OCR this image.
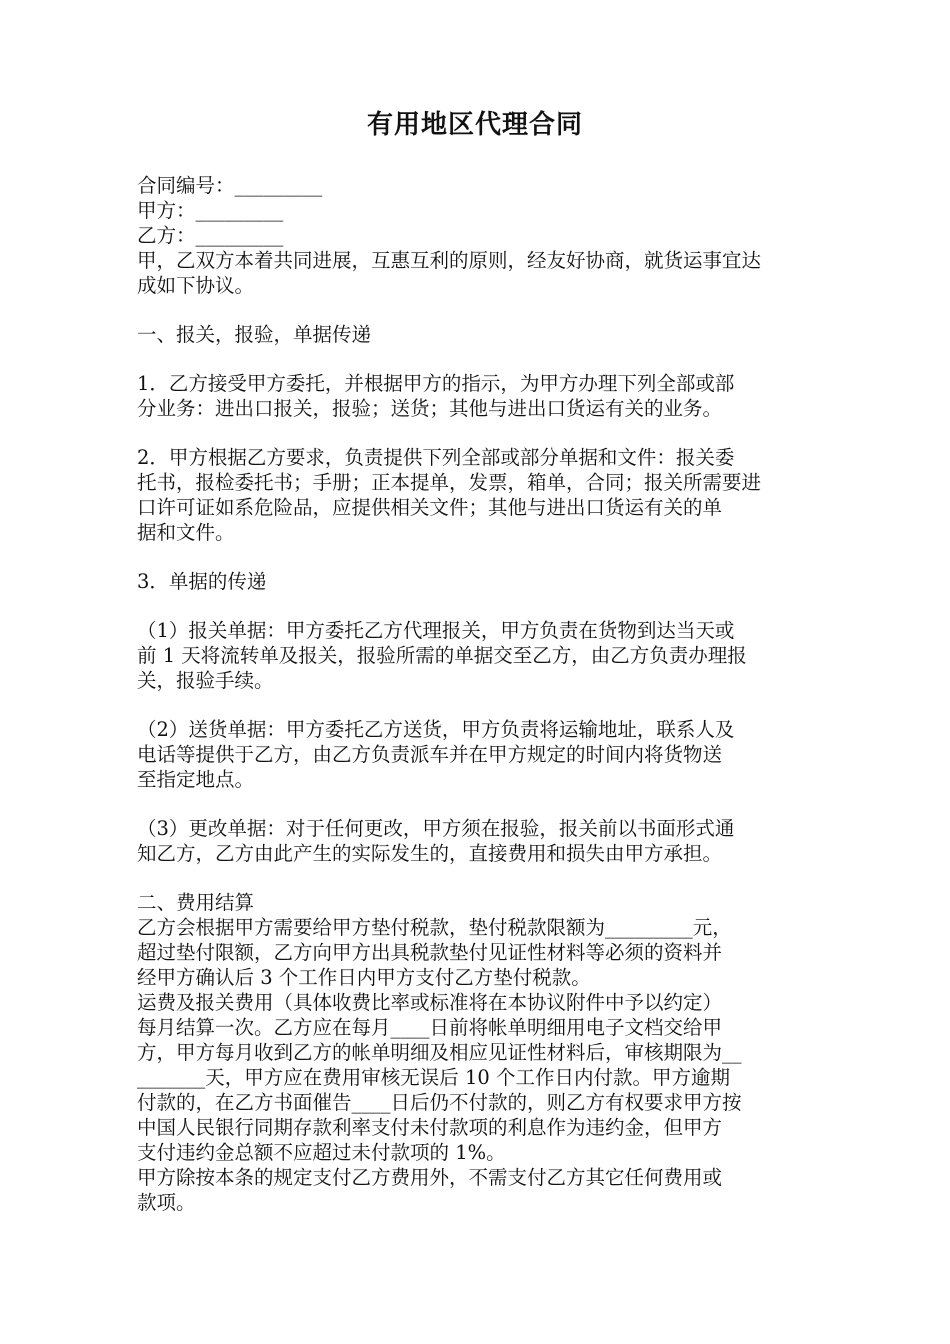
有用地区代理合同
合同编号：_________
甲方：_________
乙方：_________
甲，乙双方本着共同进展，互惠互利的原则，经友好协商，就货运事宜达
成如下协议。
一、报关，报验，单据传递
1．乙方接受甲方委托，并根据甲方的指示，为甲方办理下列全部或部
分业务：进出口报关，报验；送货；其他与进出口货运有关的业务。
2．甲方根据乙方要求，负责提供下列全部或部分单据和文件：报关委
托书，报检委托书；手册；正本提单，发票，箱单，合同；报关所需要进
口许可证如系危险品，应提供相关文件；其他与进出口货运有关的单
据和文件。
3．单据的传递
（1）报关单据：甲方委托乙方代理报关，甲方负责在货物到达当天或
前 1 天将流转单及报关，报验所需的单据交至乙方，由乙方负责办理报
关，报验手续。
（2）送货单据：甲方委托乙方送货，甲方负责将运输地址，联系人及
电话等提供于乙方，由乙方负责派车并在甲方规定的时间内将货物送
至指定地点。
（3）更改单据：对于任何更改，甲方须在报验，报关前以书面形式通
知乙方，乙方由此产生的实际发生的，直接费用和损失由甲方承担。
二、费用结算
乙方会根据甲方需要给甲方垫付税款，垫付税款限额为_________元，
超过垫付限额，乙方向甲方出具税款垫付见证性材料等必须的资料并
经甲方确认后 3 个工作日内甲方支付乙方垫付税款。
运费及报关费用（具体收费比率或标准将在本协议附件中予以约定）
每月结算一次。乙方应在每月____日前将帐单明细用电子文档交给甲
方，甲方每月收到乙方的帐单明细及相应见证性材料后，审核期限为__
_______天，甲方应在费用审核无误后 10 个工作日内付款。甲方逾期
付款的，在乙方书面催告____日后仍不付款的，则乙方有权要求甲方按
中国人民银行同期存款利率支付未付款项的利息作为违约金，但甲方
支付违约金总额不应超过未付款项的 1%。
甲方除按本条的规定支付乙方费用外，不需支付乙方其它任何费用或
款项。
